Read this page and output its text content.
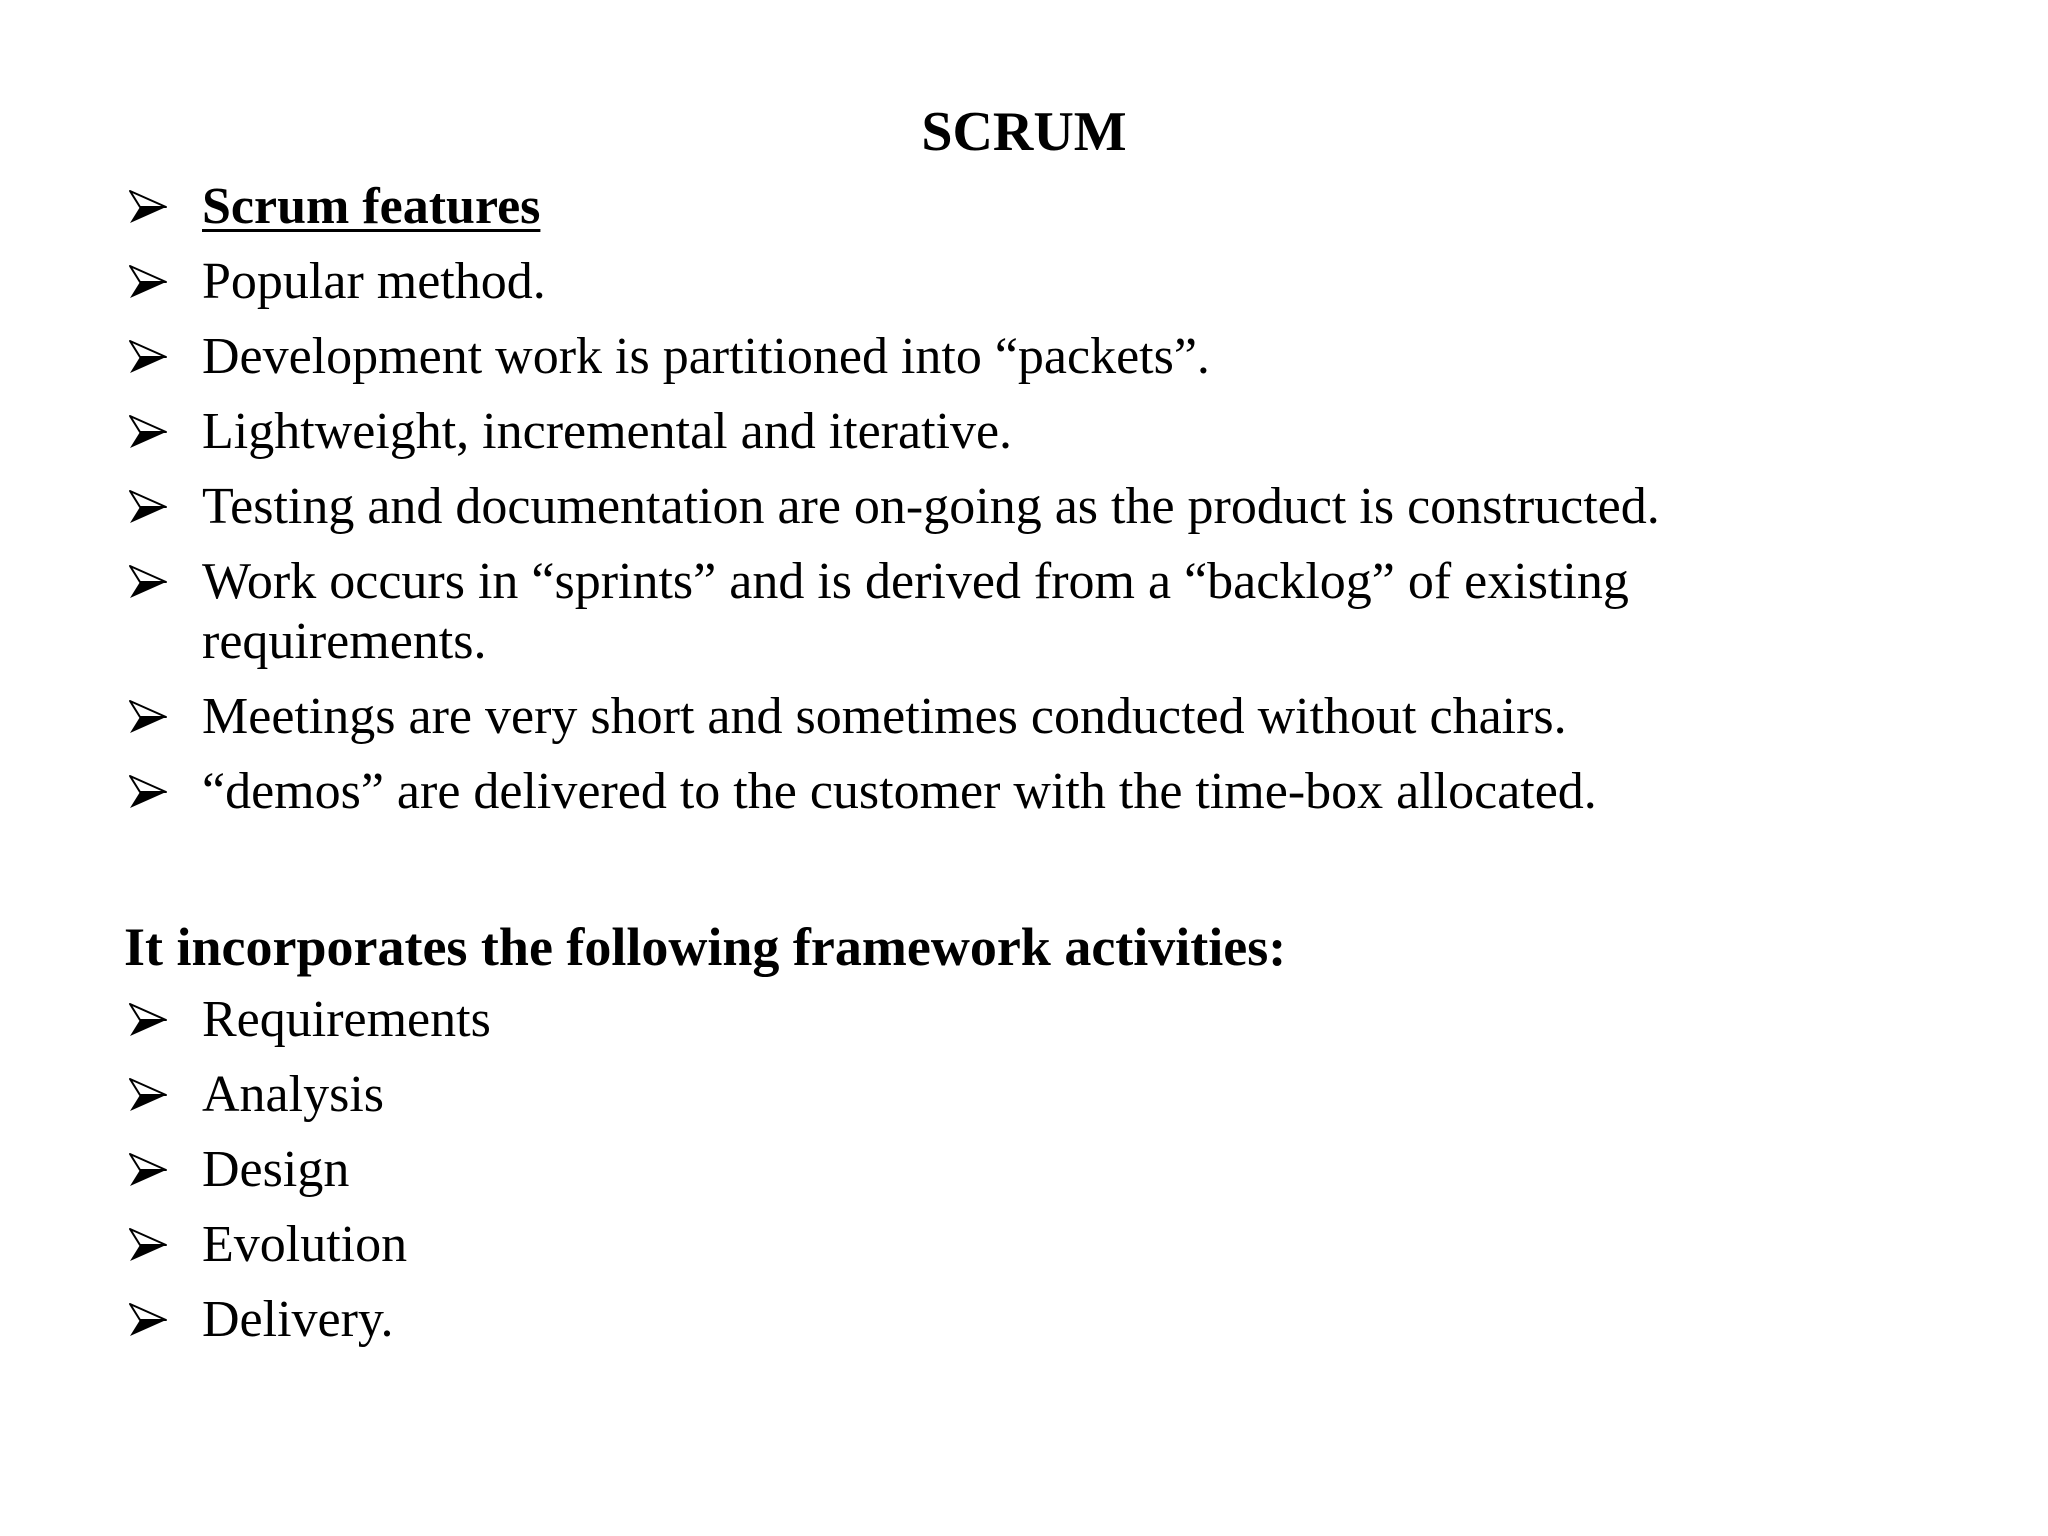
SCRUM
Scrum features
Popular method.
Development work is partitioned into “packets”.
Lightweight, incremental and iterative.
Testing and documentation are on-going as the product is constructed.
Work occurs in “sprints” and is derived from a “backlog” of existing requirements.
Meetings are very short and sometimes conducted without chairs.
“demos” are delivered to the customer with the time-box allocated.
It incorporates the following framework activities:
Requirements
Analysis
Design
Evolution
Delivery.
